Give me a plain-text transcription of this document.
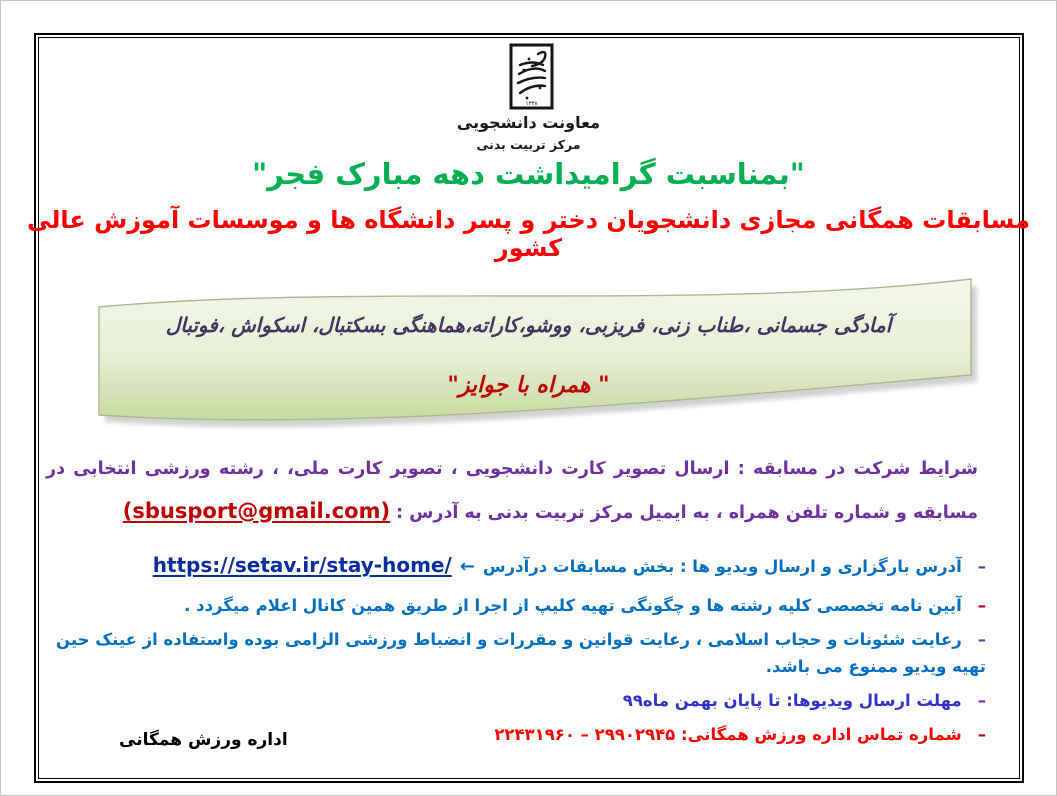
۱۳۳۸
معاونت دانشجویی
مرکز تربیت بدنی
"بمناسبت گرامیداشت دهه مبارک فجر"
مسابقات همگانی مجازی دانشجویان دختر و پسر دانشگاه ها و موسسات آموزش عالی کشور
آمادگی جسمانی ،طناب زنی، فریزبی، ووشو،کاراته،هماهنگی بسکتبال، اسکواش ،فوتبال
" همراه با جوایز"
شرایط شرکت در مسابقه : ارسال تصویر کارت دانشجویی ، تصویر کارت ملی، ، رشته ورزشی انتخابی در مسابقه و شماره تلفن همراه ، به ایمیل مرکز تربیت بدنی به آدرس : (sbusport@gmail.com)
–آدرس بارگزاری و ارسال ویدیو ها : بخش مسابقات درآدرس←https://setav.ir/stay-home/
–آیین نامه تخصصی کلیه رشته ها و چگونگی تهیه کلیپ از اجرا از طریق همین کانال اعلام میگردد .
–رعایت شئونات و حجاب اسلامی ، رعایت قوانین و مقررات و انضباط ورزشی الزامی بوده واستفاده از عینک حین تهیه ویدیو ممنوع می باشد.
–مهلت ارسال ویدیوها: تا پایان بهمن ماه۹۹
–شماره تماس اداره ورزش همگانی: ۲۹۹۰۲۹۴۵ – ۲۲۴۳۱۹۶۰
اداره ورزش همگانی
